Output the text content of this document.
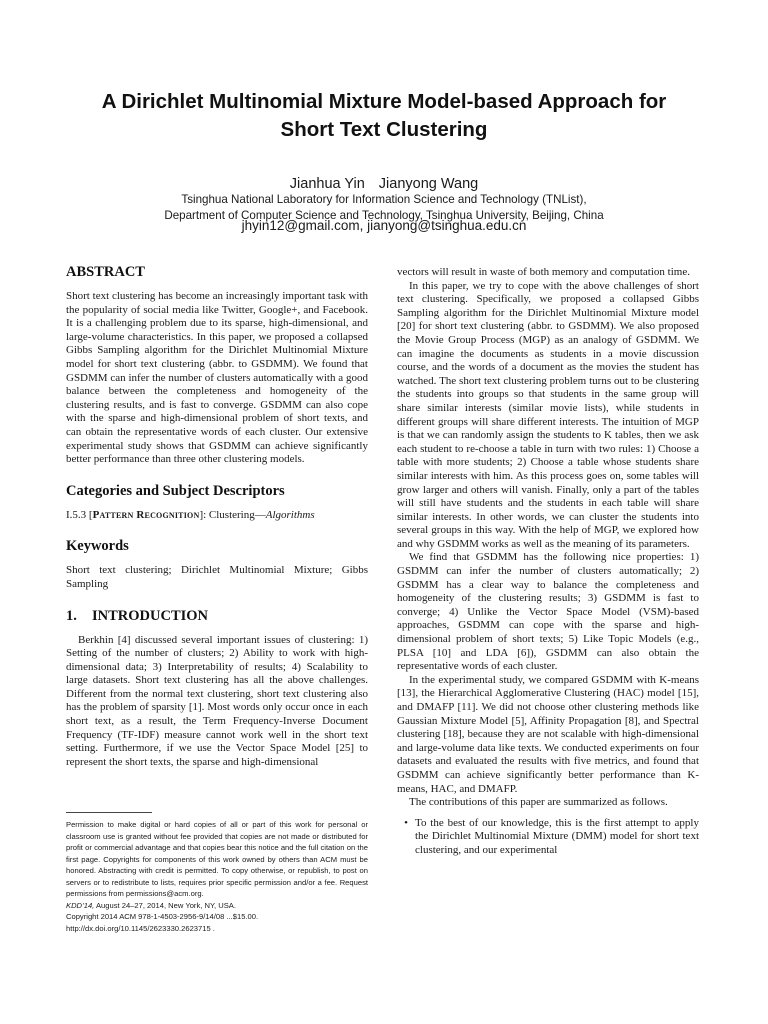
A Dirichlet Multinomial Mixture Model-based Approach for
Short Text Clustering
Jianhua Yin Jianyong Wang
Tsinghua National Laboratory for Information Science and Technology (TNList),
Department of Computer Science and Technology, Tsinghua University, Beijing, China
jhyin12@gmail.com, jianyong@tsinghua.edu.cn
ABSTRACT

Short text clustering has become an increasingly important task with the popularity of social media like Twitter, Google+, and Facebook. It is a challenging problem due to its sparse, high-dimensional, and large-volume characteristics. In this paper, we proposed a collapsed Gibbs Sampling algorithm for the Dirichlet Multinomial Mixture model for short text clustering (abbr. to GSDMM). We found that GSDMM can infer the number of clusters automatically with a good balance between the completeness and homogeneity of the clustering results, and is fast to converge. GSDMM can also cope with the sparse and high-dimensional problem of short texts, and can obtain the representative words of each cluster. Our extensive experimental study shows that GSDMM can achieve significantly better performance than three other clustering models.

Categories and Subject Descriptors

I.5.3 [Pattern Recognition]: Clustering—Algorithms

Keywords

Short text clustering; Dirichlet Multinomial Mixture; Gibbs Sampling

1. INTRODUCTION

Berkhin [4] discussed several important issues of clustering: 1) Setting of the number of clusters; 2) Ability to work with high-dimensional data; 3) Interpretability of results; 4) Scalability to large datasets. Short text clustering has all the above challenges. Different from the normal text clustering, short text clustering also has the problem of sparsity [1]. Most words only occur once in each short text, as a result, the Term Frequency-Inverse Document Frequency (TF-IDF) measure cannot work well in the short text setting. Furthermore, if we use the Vector Space Model [25] to represent the short texts, the sparse and high-dimensional

Permission to make digital or hard copies of all or part of this work for personal or classroom use is granted without fee provided that copies are not made or distributed for profit or commercial advantage and that copies bear this notice and the full citation on the first page. Copyrights for components of this work owned by others than ACM must be honored. Abstracting with credit is permitted. To copy otherwise, or republish, to post on servers or to redistribute to lists, requires prior specific permission and/or a fee. Request permissions from permissions@acm.org.

KDD’14, August 24–27, 2014, New York, NY, USA.

Copyright 2014 ACM 978-1-4503-2956-9/14/08 ...$15.00.

http://dx.doi.org/10.1145/2623330.2623715 .

vectors will result in waste of both memory and computation time.

In this paper, we try to cope with the above challenges of short text clustering. Specifically, we proposed a collapsed Gibbs Sampling algorithm for the Dirichlet Multinomial Mixture model [20] for short text clustering (abbr. to GSDMM). We also proposed the Movie Group Process (MGP) as an analogy of GSDMM. We can imagine the documents as students in a movie discussion course, and the words of a document as the movies the student has watched. The short text clustering problem turns out to be clustering the students into groups so that students in the same group will share similar interests (similar movie lists), while students in different groups will share different interests. The intuition of MGP is that we can randomly assign the students to K tables, then we ask each student to re-choose a table in turn with two rules: 1) Choose a table with more students; 2) Choose a table whose students share similar interests with him. As this process goes on, some tables will grow larger and others will vanish. Finally, only a part of the tables will still have students and the students in each table will share similar interests. In other words, we can cluster the students into several groups in this way. With the help of MGP, we explored how and why GSDMM works as well as the meaning of its parameters.

We find that GSDMM has the following nice properties: 1) GSDMM can infer the number of clusters automatically; 2) GSDMM has a clear way to balance the completeness and homogeneity of the clustering results; 3) GSDMM is fast to converge; 4) Unlike the Vector Space Model (VSM)-based approaches, GSDMM can cope with the sparse and high-dimensional problem of short texts; 5) Like Topic Models (e.g., PLSA [10] and LDA [6]), GSDMM can also obtain the representative words of each cluster.

In the experimental study, we compared GSDMM with K-means [13], the Hierarchical Agglomerative Clustering (HAC) model [15], and DMAFP [11]. We did not choose other clustering methods like Gaussian Mixture Model [5], Affinity Propagation [8], and Spectral clustering [18], because they are not scalable with high-dimensional and large-volume data like texts. We conducted experiments on four datasets and evaluated the results with five metrics, and found that GSDMM can achieve significantly better performance than K-means, HAC, and DMAFP.

The contributions of this paper are summarized as follows.

• To the best of our knowledge, this is the first attempt to apply the Dirichlet Multinomial Mixture (DMM) model for short text clustering, and our experimental
